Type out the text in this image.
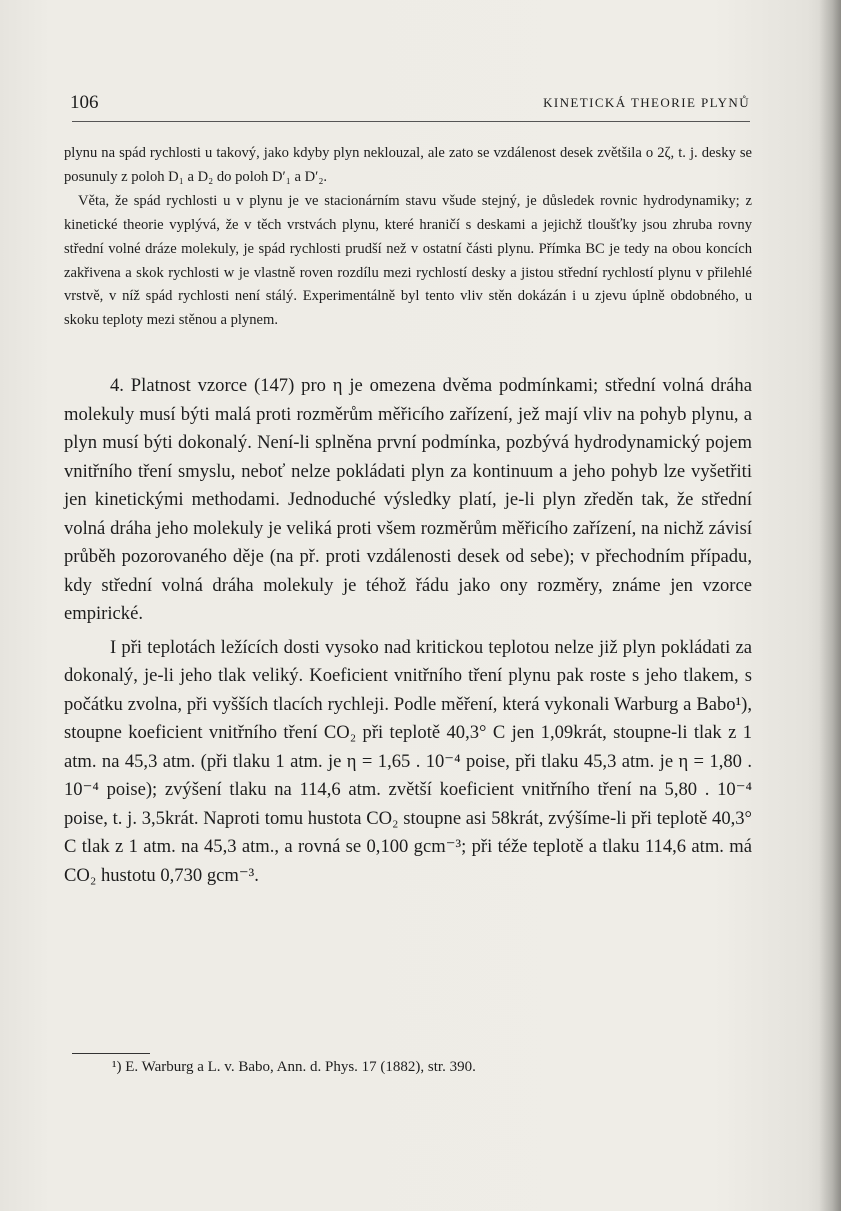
106	KINETICKÁ THEORIE PLYNŮ

plynu na spád rychlosti u takový, jako kdyby plyn neklouzal, ale zato se vzdálenost desek zvětšila o 2ζ, t. j. desky se posunuly z poloh D₁ a D₂ do poloh D′₁ a D′₂.

Věta, že spád rychlosti u v plynu je ve stacionárním stavu všude stejný, je důsledek rovnic hydrodynamiky; z kinetické theorie vyplývá, že v těch vrstvách plynu, které hraničí s deskami a jejichž tloušťky jsou zhruba rovny střední volné dráze molekuly, je spád rychlosti prudší než v ostatní části plynu. Přímka BC je tedy na obou koncích zakřivena a skok rychlosti w je vlastně roven rozdílu mezi rychlostí desky a jistou střední rychlostí plynu v přilehlé vrstvě, v níž spád rychlosti není stálý. Experimentálně byl tento vliv stěn dokázán i u zjevu úplně obdobného, u skoku teploty mezi stěnou a plynem.

4. Platnost vzorce (147) pro η je omezena dvěma podmínkami; střední volná dráha molekuly musí býti malá proti rozměrům měřicího zařízení, jež mají vliv na pohyb plynu, a plyn musí býti dokonalý. Není-li splněna první podmínka, pozbývá hydrodynamický pojem vnitřního tření smyslu, neboť nelze pokládati plyn za kontinuum a jeho pohyb lze vyšetřiti jen kinetickými methodami. Jednoduché výsledky platí, je-li plyn zředěn tak, že střední volná dráha jeho molekuly je veliká proti všem rozměrům měřicího zařízení, na nichž závisí průběh pozorovaného děje (na př. proti vzdálenosti desek od sebe); v přechodním případu, kdy střední volná dráha molekuly je téhož řádu jako ony rozměry, známe jen vzorce empirické.

I při teplotách ležících dosti vysoko nad kritickou teplotou nelze již plyn pokládati za dokonalý, je-li jeho tlak veliký. Koeficient vnitřního tření plynu pak roste s jeho tlakem, s počátku zvolna, při vyšších tlacích rychleji. Podle měření, která vykonali Warburg a Babo¹), stoupne koeficient vnitřního tření CO₂ při teplotě 40,3° C jen 1,09krát, stoupne-li tlak z 1 atm. na 45,3 atm. (při tlaku 1 atm. je η = 1,65 . 10⁻⁴ poise, při tlaku 45,3 atm. je η = 1,80 . 10⁻⁴ poise); zvýšení tlaku na 114,6 atm. zvětší koeficient vnitřního tření na 5,80 . 10⁻⁴ poise, t. j. 3,5krát. Naproti tomu hustota CO₂ stoupne asi 58krát, zvýšíme-li při teplotě 40,3° C tlak z 1 atm. na 45,3 atm., a rovná se 0,100 gcm⁻³; při téže teplotě a tlaku 114,6 atm. má CO₂ hustotu 0,730 gcm⁻³.

¹) E. Warburg a L. v. Babo, Ann. d. Phys. 17 (1882), str. 390.
